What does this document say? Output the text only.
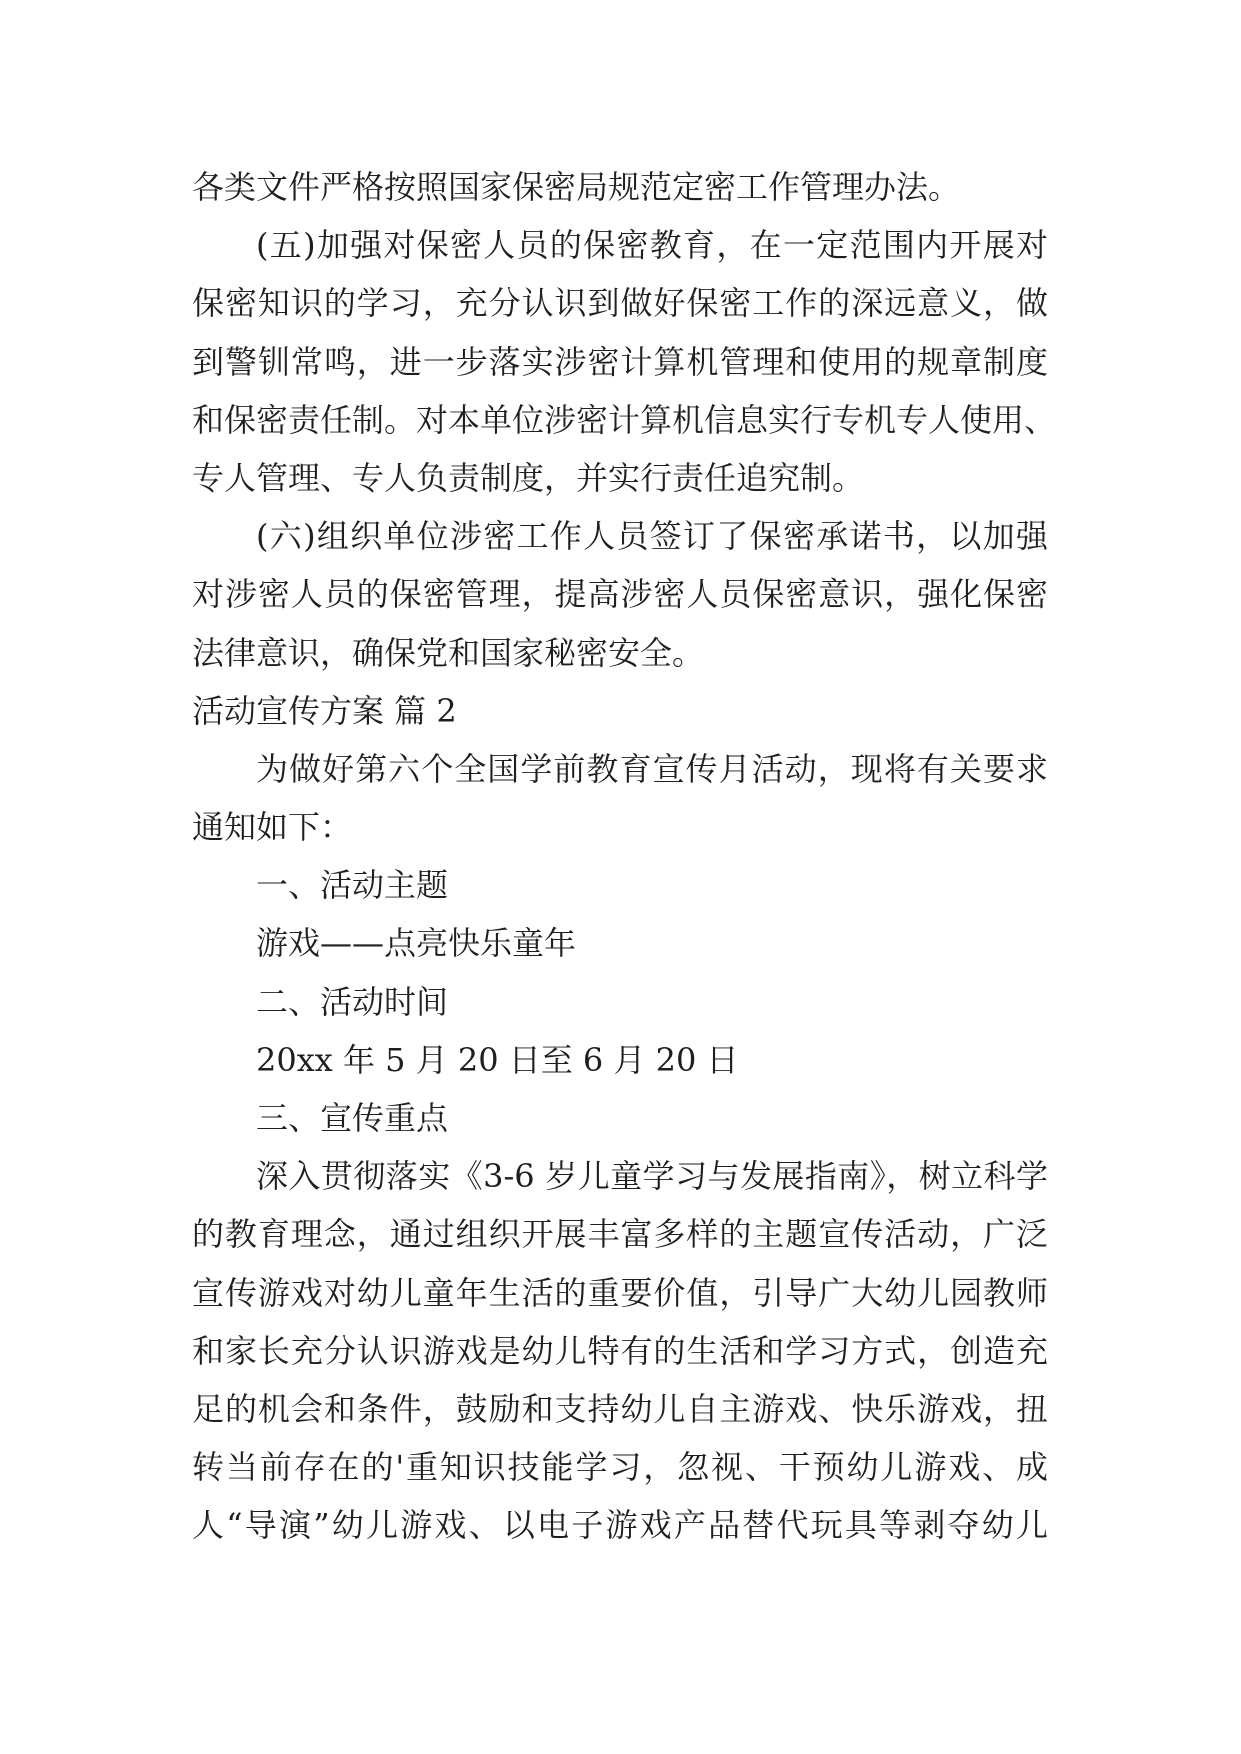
各类文件严格按照国家保密局规范定密工作管理办法。
(五)加强对保密人员的保密教育，在一定范围内开展对
保密知识的学习，充分认识到做好保密工作的深远意义，做
到警钏常鸣，进一步落实涉密计算机管理和使用的规章制度
和保密责任制。对本单位涉密计算机信息实行专机专人使用、
专人管理、专人负责制度，并实行责任追究制。
(六)组织单位涉密工作人员签订了保密承诺书，以加强
对涉密人员的保密管理，提高涉密人员保密意识，强化保密
法律意识，确保党和国家秘密安全。
活动宣传方案 篇 2
为做好第六个全国学前教育宣传月活动，现将有关要求
通知如下：
一、活动主题
游戏——点亮快乐童年
二、活动时间
20xx 年 5 月 20 日至 6 月 20 日
三、宣传重点
深入贯彻落实《3-6 岁儿童学习与发展指南》，树立科学
的教育理念，通过组织开展丰富多样的主题宣传活动，广泛
宣传游戏对幼儿童年生活的重要价值，引导广大幼儿园教师
和家长充分认识游戏是幼儿特有的生活和学习方式，创造充
足的机会和条件，鼓励和支持幼儿自主游戏、快乐游戏，扭
转当前存在的'重知识技能学习，忽视、干预幼儿游戏、成
人“导演”幼儿游戏、以电子游戏产品替代玩具等剥夺幼儿
